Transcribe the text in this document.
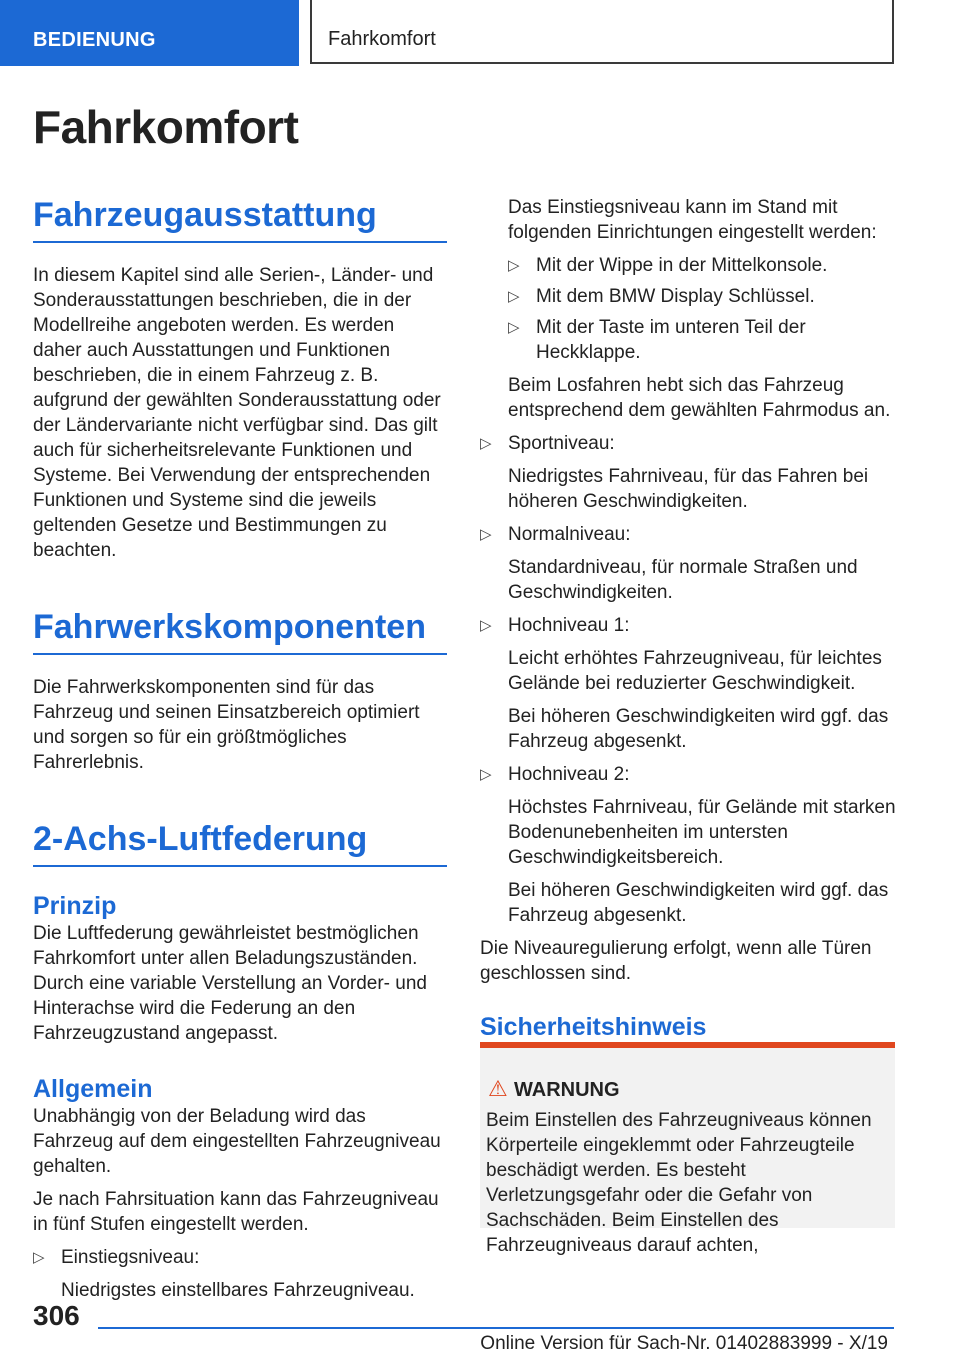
BEDIENUNG	Fahrkomfort
Fahrkomfort
Fahrzeugausstattung

In diesem Kapitel sind alle Serien-, Länder- und Sonderausstattungen beschrieben, die in der Modellreihe angeboten werden. Es werden daher auch Ausstattungen und Funktionen beschrieben, die in einem Fahrzeug z. B. aufgrund der gewählten Sonderausstattung oder der Ländervariante nicht verfügbar sind. Das gilt auch für sicherheitsrelevante Funktionen und Systeme. Bei Verwendung der entsprechenden Funktionen und Systeme sind die jeweils geltenden Gesetze und Bestimmungen zu beachten.

Fahrwerkskomponenten

Die Fahrwerkskomponenten sind für das Fahrzeug und seinen Einsatzbereich optimiert und sorgen so für ein größtmögliches Fahrerlebnis.

2-Achs-Luftfederung
Prinzip

Die Luftfederung gewährleistet bestmöglichen Fahrkomfort unter allen Beladungszuständen. Durch eine variable Verstellung an Vorder- und Hinterachse wird die Federung an den Fahrzeugzustand angepasst.

Allgemein

Unabhängig von der Beladung wird das Fahrzeug auf dem eingestellten Fahrzeugniveau gehalten.

Je nach Fahrsituation kann das Fahrzeugniveau in fünf Stufen eingestellt werden.

▷ Einstiegsniveau:

Niedrigstes einstellbares Fahrzeugniveau.

Das Einstiegsniveau kann im Stand mit folgenden Einrichtungen eingestellt werden:

▷ Mit der Wippe in der Mittelkonsole.
▷ Mit dem BMW Display Schlüssel.
▷ Mit der Taste im unteren Teil der Heckklappe.

Beim Losfahren hebt sich das Fahrzeug entsprechend dem gewählten Fahrmodus an.

▷ Sportniveau:

Niedrigstes Fahrniveau, für das Fahren bei höheren Geschwindigkeiten.

▷ Normalniveau:

Standardniveau, für normale Straßen und Geschwindigkeiten.

▷ Hochniveau 1:

Leicht erhöhtes Fahrzeugniveau, für leichtes Gelände bei reduzierter Geschwindigkeit.

Bei höheren Geschwindigkeiten wird ggf. das Fahrzeug abgesenkt.

▷ Hochniveau 2:

Höchstes Fahrniveau, für Gelände mit starken Bodenunebenheiten im untersten Geschwindigkeitsbereich.

Bei höheren Geschwindigkeiten wird ggf. das Fahrzeug abgesenkt.

Die Niveauregulierung erfolgt, wenn alle Türen geschlossen sind.

Sicherheitshinweis
⚠ WARNUNG
Beim Einstellen des Fahrzeugniveaus können Körperteile eingeklemmt oder Fahrzeugteile beschädigt werden. Es besteht Verletzungsgefahr oder die Gefahr von Sachschäden. Beim Einstellen des Fahrzeugniveaus darauf achten,
306
Online Version für Sach-Nr. 01402883999 - X/19
